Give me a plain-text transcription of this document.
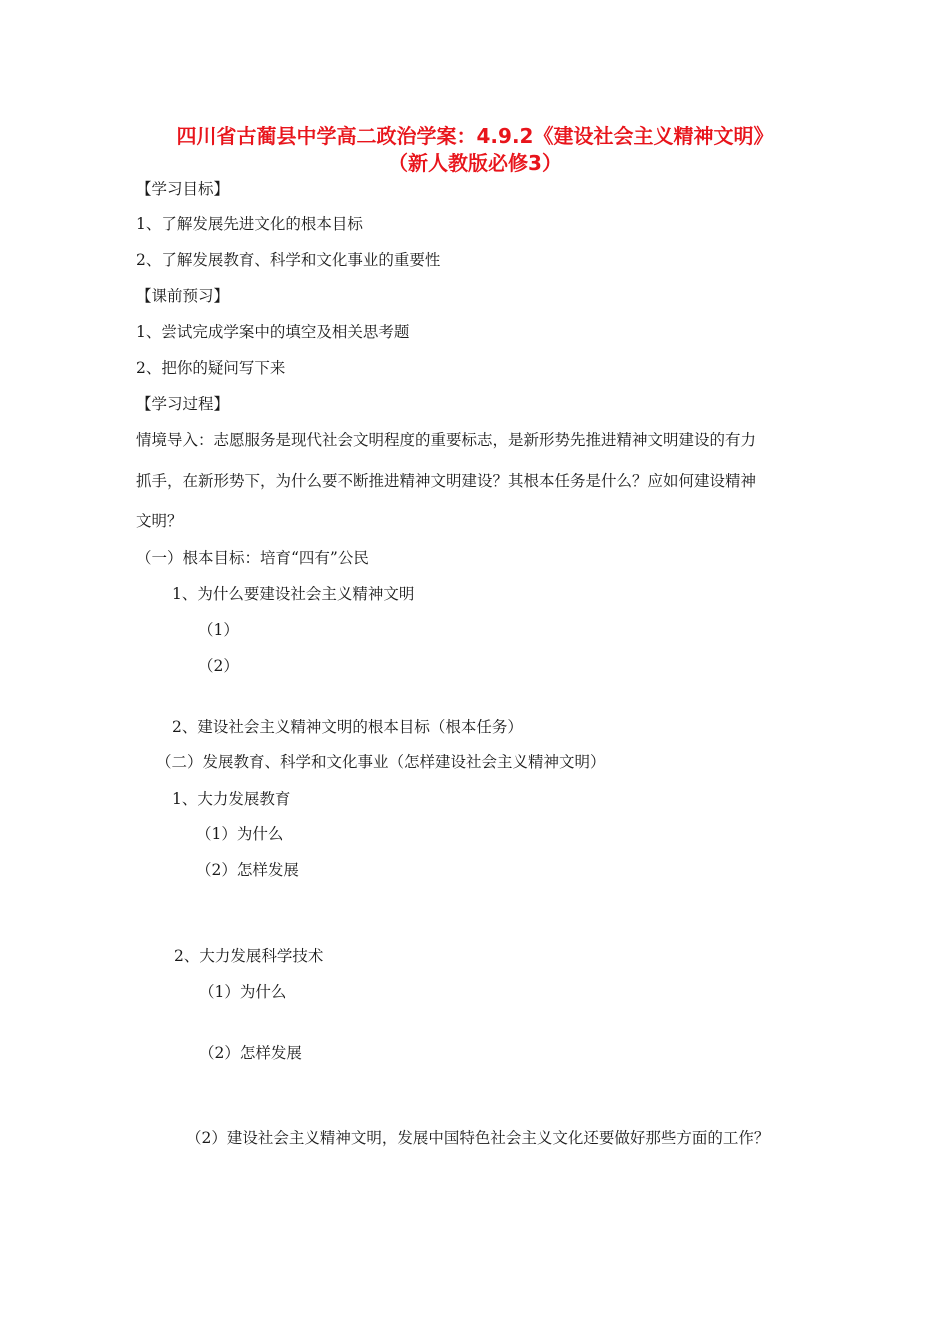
四川省古蔺县中学高二政治学案：4.9.2《建设社会主义精神文明》
（新人教版必修3）
【学习目标】
1、了解发展先进文化的根本目标
2、了解发展教育、科学和文化事业的重要性
【课前预习】
1、尝试完成学案中的填空及相关思考题
2、把你的疑问写下来
【学习过程】
情境导入：志愿服务是现代社会文明程度的重要标志，是新形势先推进精神文明建设的有力
抓手，在新形势下，为什么要不断推进精神文明建设？其根本任务是什么？应如何建设精神
文明？
（一）根本目标：培育“四有”公民
1、为什么要建设社会主义精神文明
（1）
（2）
2、建设社会主义精神文明的根本目标（根本任务）
（二）发展教育、科学和文化事业（怎样建设社会主义精神文明）
1、大力发展教育
（1）为什么
（2）怎样发展
2、大力发展科学技术
（1）为什么
（2）怎样发展
（2）建设社会主义精神文明，发展中国特色社会主义文化还要做好那些方面的工作？
